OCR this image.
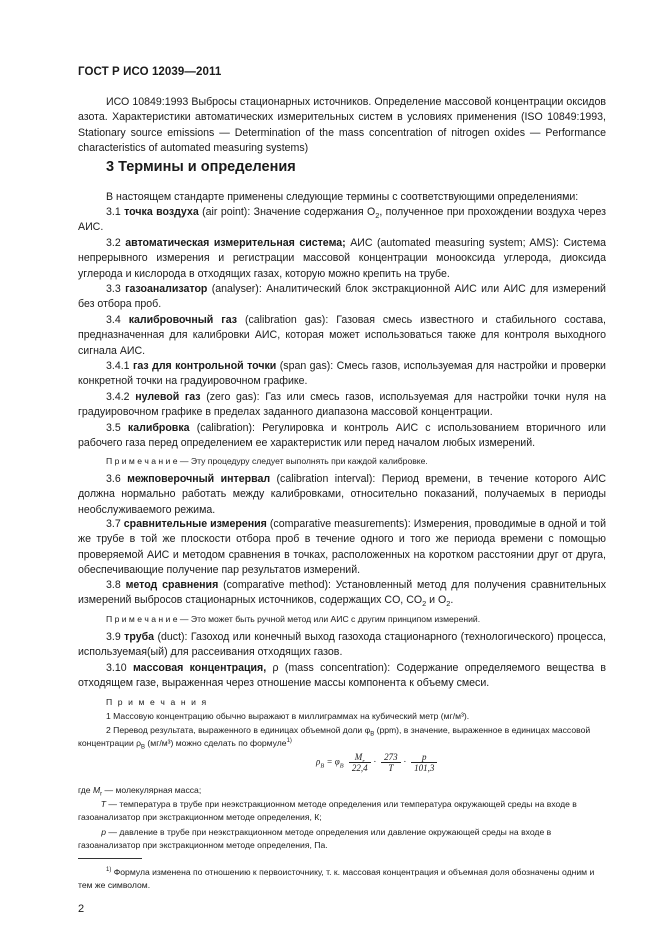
ГОСТ Р ИСО 12039—2011
ИСО 10849:1993 Выбросы стационарных источников. Определение массовой концентрации оксидов азота. Характеристики автоматических измерительных систем в условиях применения (ISO 10849:1993, Stationary source emissions — Determination of the mass concentration of nitrogen oxides — Performance characteristics of automated measuring systems)
3 Термины и определения
В настоящем стандарте применены следующие термины с соответствующими определениями:
3.1 точка воздуха (air point): Значение содержания $O_2$, полученное при прохождении воздуха через АИС.
3.2 автоматическая измерительная система; АИС (automated measuring system; AMS): Система непрерывного измерения и регистрации массовой концентрации монооксида углерода, диоксида углерода и кислорода в отходящих газах, которую можно крепить на трубе.
3.3 газоанализатор (analyser): Аналитический блок экстракционной АИС или АИС для измерений без отбора проб.
3.4 калибровочный газ (calibration gas): Газовая смесь известного и стабильного состава, предназначенная для калибровки АИС, которая может использоваться также для контроля выходного сигнала АИС.
3.4.1 газ для контрольной точки (span gas): Смесь газов, используемая для настройки и проверки конкретной точки на градуировочном графике.
3.4.2 нулевой газ (zero gas): Газ или смесь газов, используемая для настройки точки нуля на градуировочном графике в пределах заданного диапазона массовой концентрации.
3.5 калибровка (calibration): Регулировка и контроль АИС с использованием вторичного или рабочего газа перед определением ее характеристик или перед началом любых измерений.
П р и м е ч а н и е — Эту процедуру следует выполнять при каждой калибровке.
3.6 межповерочный интервал (calibration interval): Период времени, в течение которого АИС должна нормально работать между калибровками, относительно показаний, получаемых в периоды необслуживаемого режима.
3.7 сравнительные измерения (comparative measurements): Измерения, проводимые в одной и той же трубе в той же плоскости отбора проб в течение одного и того же периода времени с помощью проверяемой АИС и методом сравнения в точках, расположенных на коротком расстоянии друг от друга, обеспечивающие получение пар результатов измерений.
3.8 метод сравнения (comparative method): Установленный метод для получения сравнительных измерений выбросов стационарных источников, содержащих CO, $CO_2$ и $O_2$.
П р и м е ч а н и е — Это может быть ручной метод или АИС с другим принципом измерений.
3.9 труба (duct): Газоход или конечный выход газохода стационарного (технологического) процесса, используемая(ый) для рассеивания отходящих газов.
3.10 массовая концентрация, ρ (mass concentration): Содержание определяемого вещества в отходящем газе, выраженная через отношение массы компонента к объему смеси.
П р и м е ч а н и я
1 Массовую концентрацию обычно выражают в миллиграммах на кубический метр (мг/м³).
2 Перевод результата, выраженного в единицах объемной доли $\varphi_B$ (ppm), в значение, выраженное в единицах массовой концентрации $\rho_B$ (мг/м³) можно сделать по формуле$^{1)}$
$\rho_B = \varphi_B \frac{M_r}{22,4} \cdot \frac{273}{T} \cdot \frac{p}{101,3}$
где $M_r$ — молекулярная масса;
T — температура в трубе при неэкстракционном методе определения или температура окружающей среды на входе в газоанализатор при экстракционном методе определения, К;
p — давление в трубе при неэкстракционном методе определения или давление окружающей среды на входе в газоанализатор при экстракционном методе определения, Па.
$^{1)}$ Формула изменена по отношению к первоисточнику, т. к. массовая концентрация и объемная доля обозначены одним и тем же символом.
2
